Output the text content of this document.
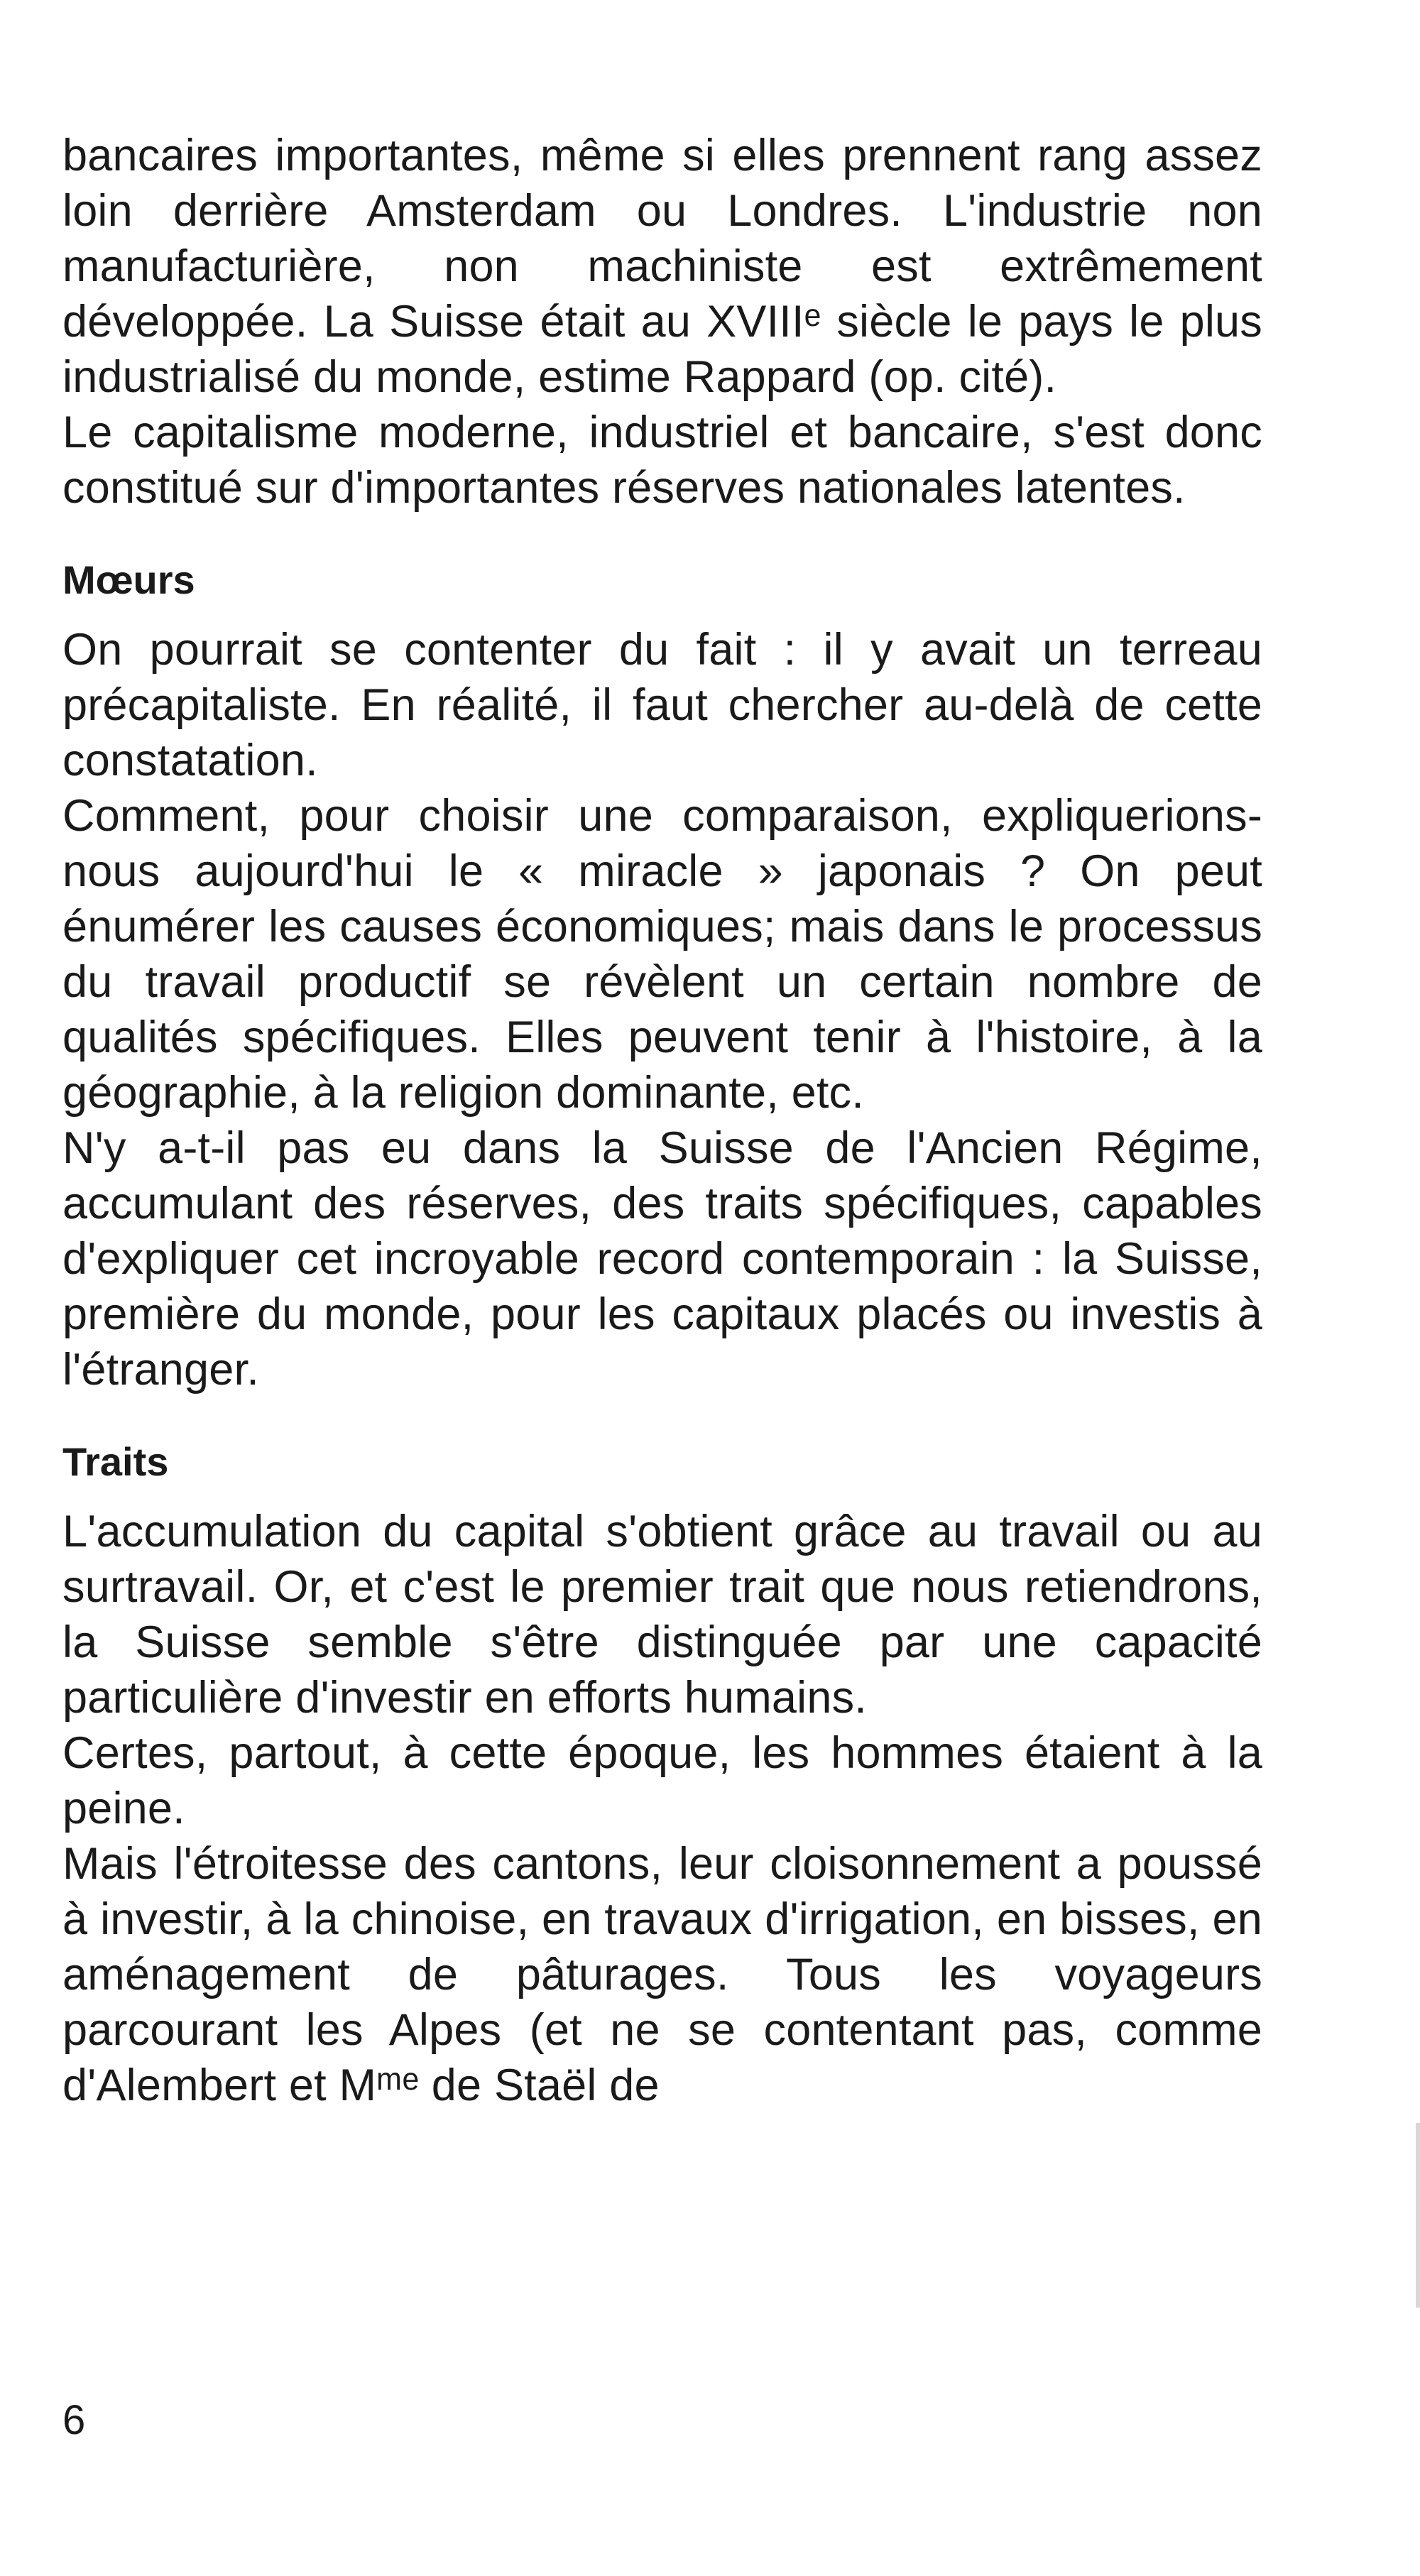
bancaires importantes, même si elles prennent rang assez loin derrière Amsterdam ou Londres. L'industrie non manufacturière, non machiniste est extrêmement développée. La Suisse était au XVIIIᵉ siècle le pays le plus industrialisé du monde, estime Rappard (op. cité).

Le capitalisme moderne, industriel et bancaire, s'est donc constitué sur d'importantes réserves nationales latentes.

Mœurs

On pourrait se contenter du fait : il y avait un terreau précapitaliste. En réalité, il faut chercher au-delà de cette constatation.

Comment, pour choisir une comparaison, expliquerions-nous aujourd'hui le « miracle » japonais ? On peut énumérer les causes économiques; mais dans le processus du travail productif se révèlent un certain nombre de qualités spécifiques. Elles peuvent tenir à l'histoire, à la géographie, à la religion dominante, etc.

N'y a-t-il pas eu dans la Suisse de l'Ancien Régime, accumulant des réserves, des traits spécifiques, capables d'expliquer cet incroyable record contemporain : la Suisse, première du monde, pour les capitaux placés ou investis à l'étranger.

Traits

L'accumulation du capital s'obtient grâce au travail ou au surtravail. Or, et c'est le premier trait que nous retiendrons, la Suisse semble s'être distinguée par une capacité particulière d'investir en efforts humains.

Certes, partout, à cette époque, les hommes étaient à la peine.

Mais l'étroitesse des cantons, leur cloisonnement a poussé à investir, à la chinoise, en travaux d'irrigation, en bisses, en aménagement de pâturages. Tous les voyageurs parcourant les Alpes (et ne se contentant pas, comme d'Alembert et Mᵐᵉ de Staël de

6
